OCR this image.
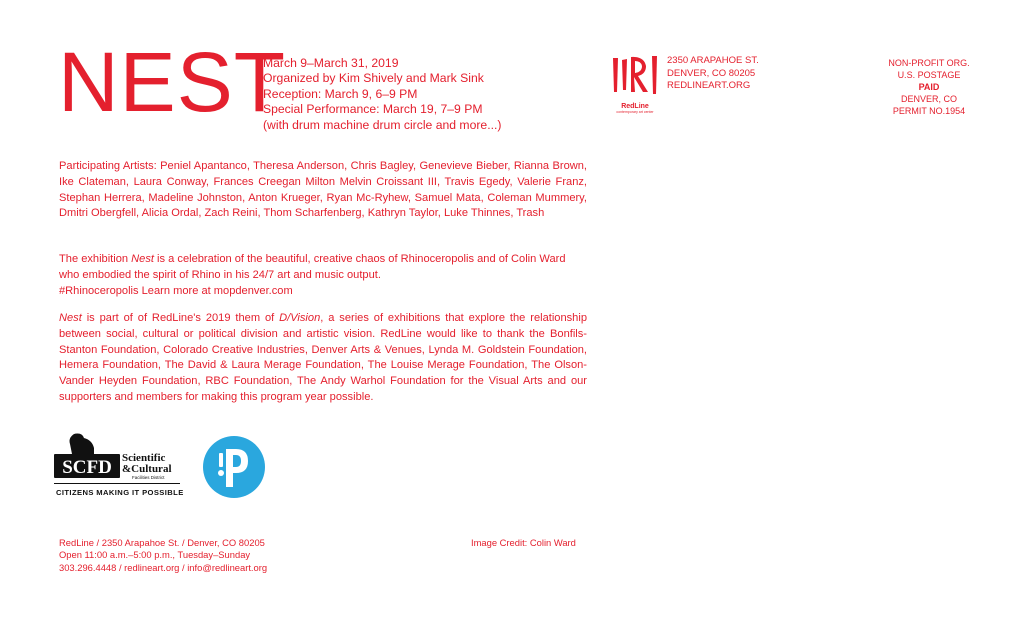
NEST
March 9–March 31, 2019
Organized by Kim Shively and Mark Sink
Reception: March 9, 6–9 PM
Special Performance: March 19, 7–9 PM
(with drum machine drum circle and more...)
RedLine
contemporary art center
2350 ARAPAHOE ST.
DENVER, CO 80205
REDLINEART.ORG
NON-PROFIT ORG.
U.S. POSTAGE
PAID
DENVER, CO
PERMIT NO.1954
Participating Artists: Peniel Apantanco, Theresa Anderson, Chris Bagley, Genevieve Bieber, Rianna Brown, Ike Clateman, Laura Conway, Frances Creegan Milton Melvin Croissant III, Travis Egedy, Valerie Franz, Stephan Herrera, Madeline Johnston, Anton Krueger, Ryan Mc-Ryhew, Samuel Mata, Coleman Mummery, Dmitri Obergfell, Alicia Ordal, Zach Reini, Thom Scharfenberg, Kathryn Taylor, Luke Thinnes, Trash
The exhibition Nest is a celebration of the beautiful, creative chaos of Rhinoceropolis and of Colin Ward who embodied the spirit of Rhino in his 24/7 art and music output.
#Rhinoceropolis Learn more at mopdenver.com
Nest is part of of RedLine's 2019 them of D/Vision, a series of exhibitions that explore the relationship between social, cultural or political division and artistic vision. RedLine would like to thank the Bonfils-Stanton Foundation, Colorado Creative Industries, Denver Arts & Venues, Lynda M. Goldstein Foundation, Hemera Foundation, The David & Laura Merage Foundation, The Louise Merage Foundation, The Olson-Vander Heyden Foundation, RBC Foundation, The Andy Warhol Foundation for the Visual Arts and our supporters and members for making this program year possible.
SCFD Scientific
&Cultural
Facilities District
CITIZENS MAKING IT POSSIBLE
RedLine / 2350 Arapahoe St. / Denver, CO 80205
Open 11:00 a.m.–5:00 p.m., Tuesday–Sunday
303.296.4448 / redlineart.org / info@redlineart.org
Image Credit: Colin Ward
